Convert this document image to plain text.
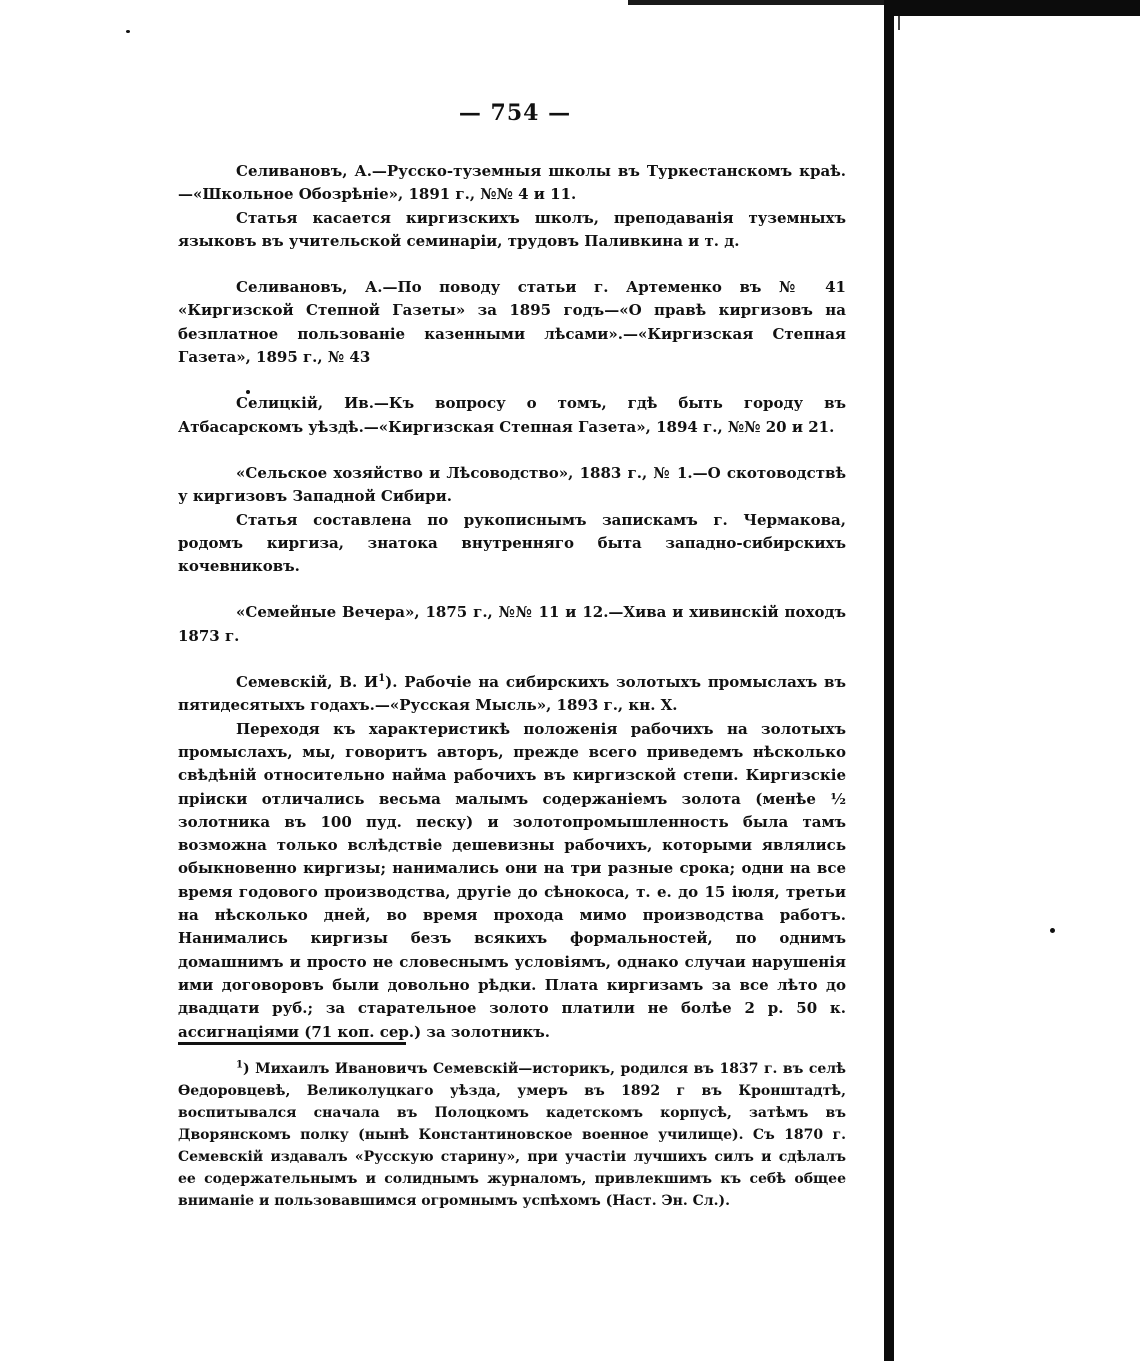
— 754 —

Селивановъ, А.—Русско-туземныя школы въ Туркестанскомъ краѣ.—«Школьное Обозрѣніе», 1891 г., №№ 4 и 11.

Статья касается киргизскихъ школъ, преподаванія туземныхъ языковъ въ учительской семинаріи, трудовъ Паливкина и т. д.

Селивановъ, А.—По поводу статьи г. Артеменко въ № 41 «Киргизской Степной Газеты» за 1895 годъ—«О правѣ киргизовъ на безплатное пользованіе казенными лѣсами».—«Киргизская Степная Газета», 1895 г., № 43

Селицкій, Ив.—Къ вопросу о томъ, гдѣ быть городу въ Атбасарскомъ уѣздѣ.—«Киргизская Степная Газета», 1894 г., №№ 20 и 21.

«Сельское хозяйство и Лѣсоводство», 1883 г., № 1.—О скотоводствѣ у киргизовъ Западной Сибири.

Статья составлена по рукописнымъ запискамъ г. Чермакова, родомъ киргиза, знатока внутренняго быта западно-сибирскихъ кочевниковъ.

«Семейные Вечера», 1875 г., №№ 11 и 12.—Хива и хивинскій походъ 1873 г.

Семевскій, В. $И^1$). Рабочіе на сибирскихъ золотыхъ промыслахъ въ пятидесятыхъ годахъ.—«Русская Мысль», 1893 г., кн. X.

Переходя къ характеристикѣ положенія рабочихъ на золотыхъ промыслахъ, мы, говоритъ авторъ, прежде всего приведемъ нѣсколько свѣдѣній относительно найма рабочихъ въ киргизской степи. Киргизскіе пріиски отличались весьма малымъ содержаніемъ золота (менѣе ½ золотника въ 100 пуд. песку) и золотопромышленность была тамъ возможна только вслѣдствіе дешевизны рабочихъ, которыми являлись обыкновенно киргизы; нанимались они на три разные срока; одни на все время годового производства, другіе до сѣнокоса, т. е. до 15 іюля, третьи на нѣсколько дней, во время прохода мимо производства работъ. Нанимались киргизы безъ всякихъ формальностей, по однимъ домашнимъ и просто не словеснымъ условіямъ, однако случаи нарушенія ими договоровъ были довольно рѣдки. Плата киргизамъ за все лѣто до двадцати руб.; за старательное золото платили не болѣе 2 р. 50 к. ассигнаціями (71 коп. сер.) за золотникъ.

$^1$) Михаилъ Ивановичъ Семевскій—историкъ, родился въ 1837 г. въ селѣ Ѳедоровцевѣ, Великолуцкаго уѣзда, умеръ въ 1892 г въ Кронштадтѣ, воспитывался сначала въ Полоцкомъ кадетскомъ корпусѣ, затѣмъ въ Дворянскомъ полку (нынѣ Константиновское военное училище). Съ 1870 г. Семевскій издавалъ «Русскую старину», при участіи лучшихъ силъ и сдѣлалъ ее содержательнымъ и солиднымъ журналомъ, привлекшимъ къ себѣ общее вниманіе и пользовавшимся огромнымъ успѣхомъ (Наст. Эн. Сл.).
